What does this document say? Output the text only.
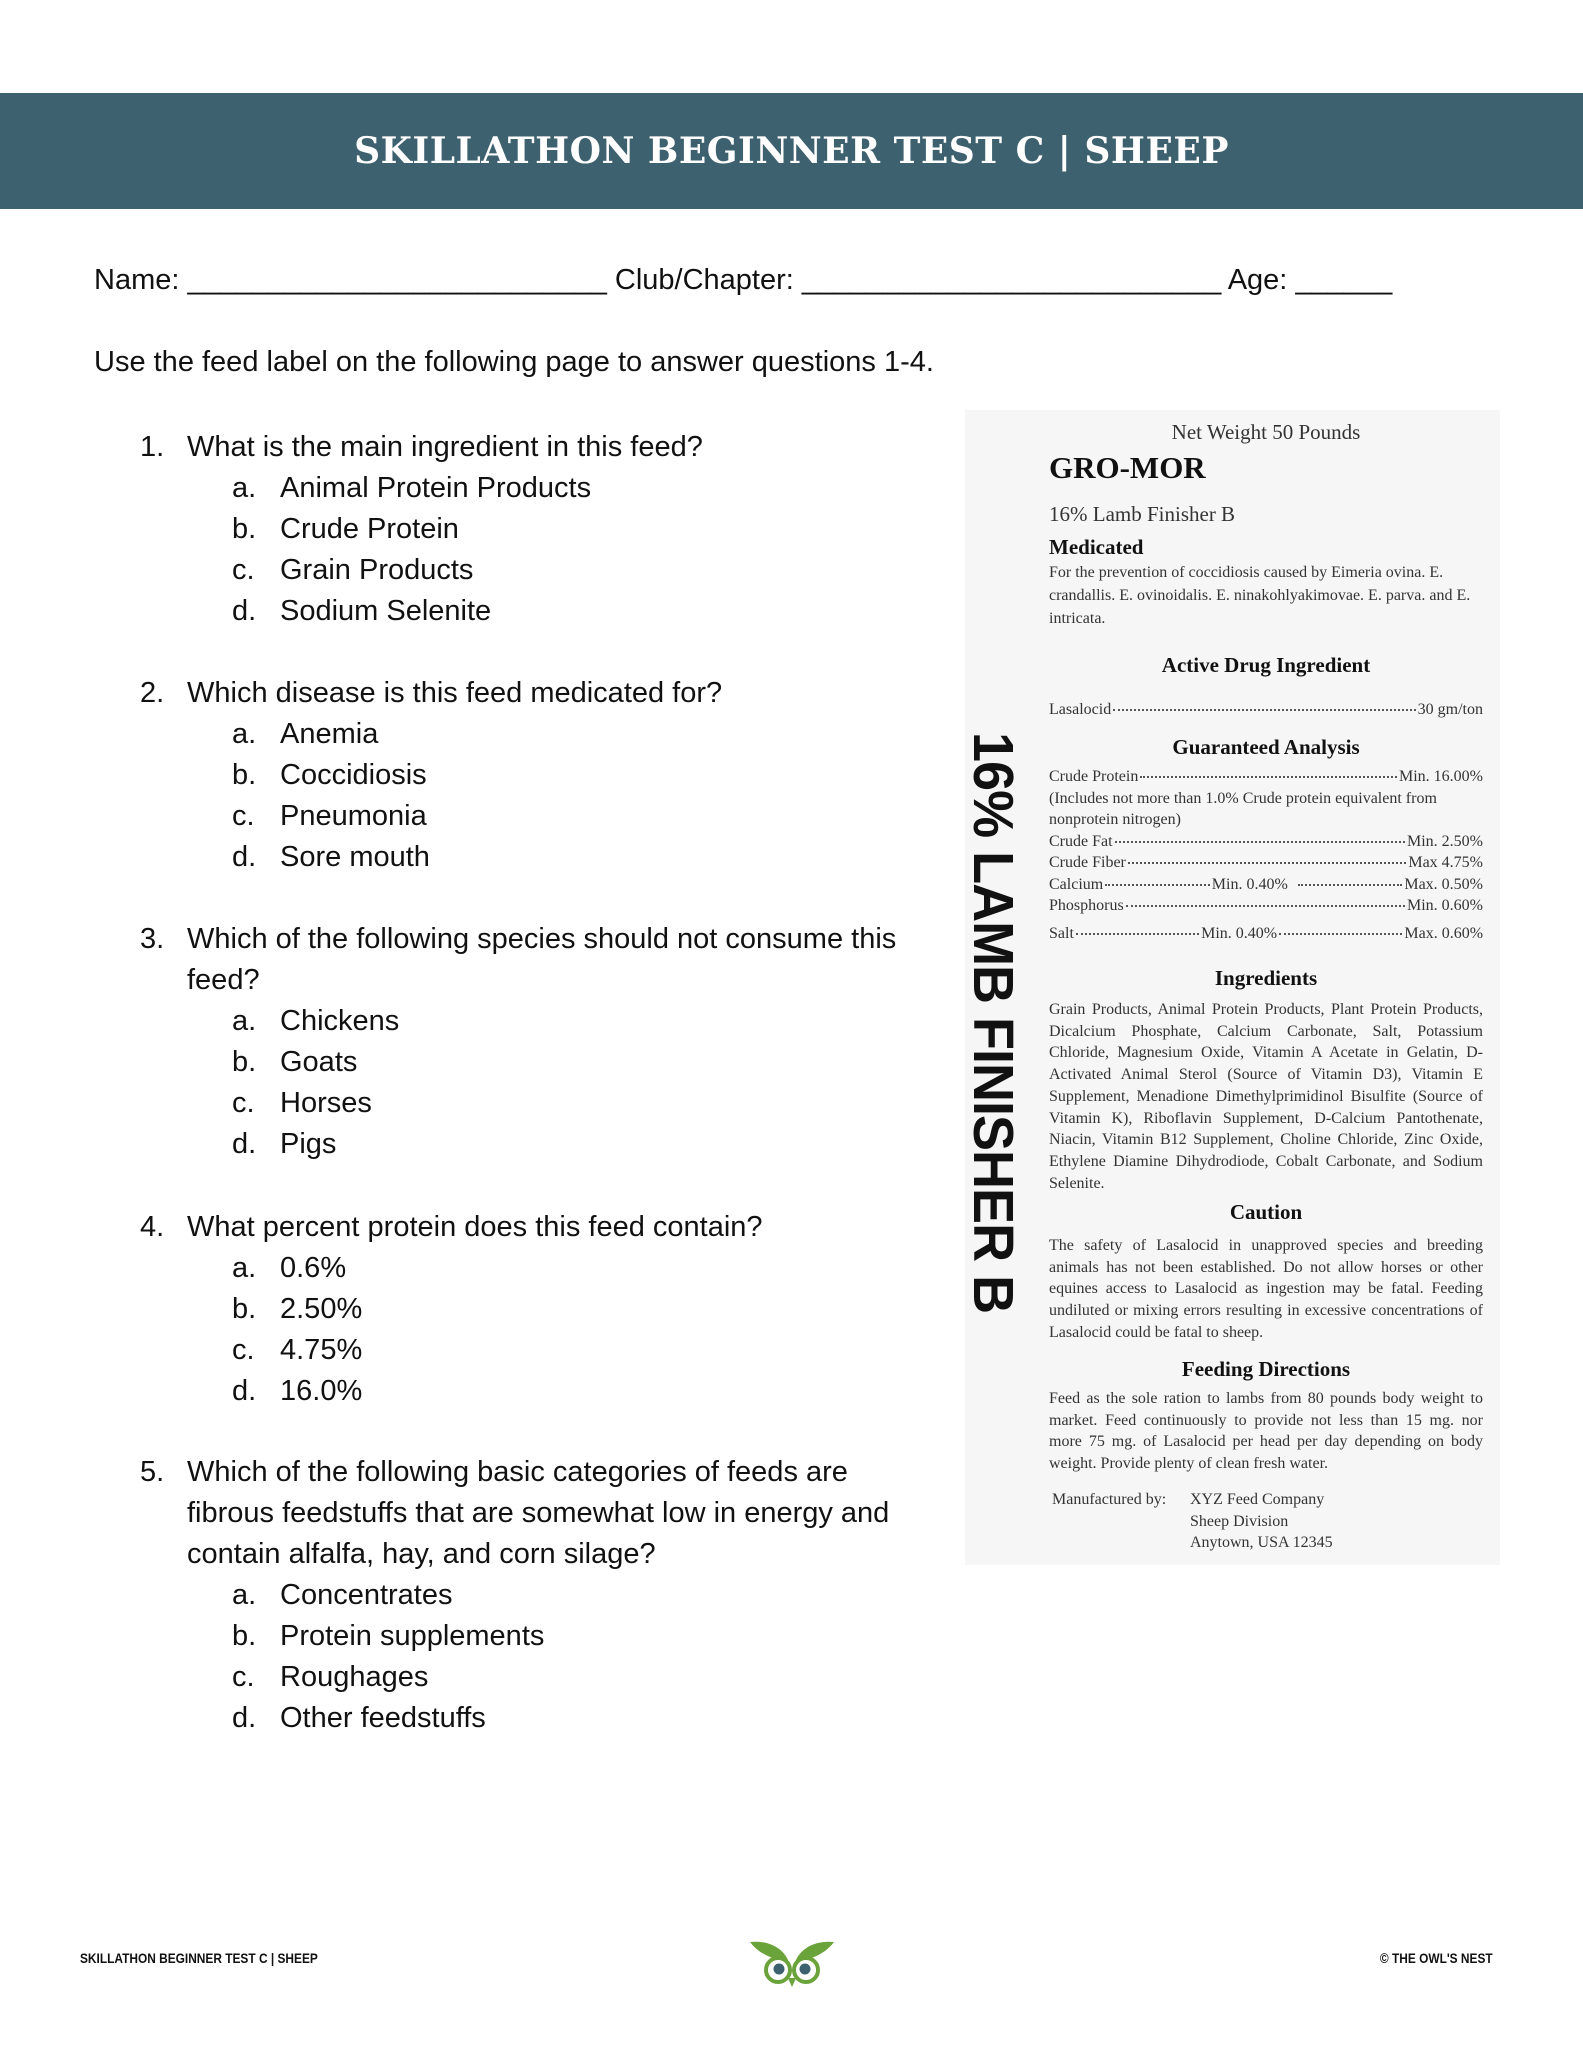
SKILLATHON BEGINNER TEST C | SHEEP
Name: __________________________ Club/Chapter: __________________________ Age: ______
Use the feed label on the following page to answer questions 1-4.
1. What is the main ingredient in this feed?
a. Animal Protein Products
b. Crude Protein
c. Grain Products
d. Sodium Selenite
2. Which disease is this feed medicated for?
a. Anemia
b. Coccidiosis
c. Pneumonia
d. Sore mouth
3. Which of the following species should not consume this feed?
a. Chickens
b. Goats
c. Horses
d. Pigs
4. What percent protein does this feed contain?
a. 0.6%
b. 2.50%
c. 4.75%
d. 16.0%
5. Which of the following basic categories of feeds are fibrous feedstuffs that are somewhat low in energy and contain alfalfa, hay, and corn silage?
a. Concentrates
b. Protein supplements
c. Roughages
d. Other feedstuffs
16% LAMB FINISHER B
Net Weight 50 Pounds
GRO-MOR
16% Lamb Finisher B
Medicated
For the prevention of coccidiosis caused by Eimeria ovina. E. crandallis. E. ovinoidalis. E. ninakohlyakimovae. E. parva. and E. intricata.
Active Drug Ingredient
Lasalocid	30 gm/ton
Guaranteed Analysis
Crude Protein	Min. 16.00%
(Includes not more than 1.0% Crude protein equivalent from nonprotein nitrogen)
Crude Fat	Min. 2.50%
Crude Fiber	Max 4.75%
Calcium	Min. 0.40%	Max. 0.50%
Phosphorus	Min. 0.60%
Salt	Min. 0.40%	Max. 0.60%
Ingredients
Grain Products, Animal Protein Products, Plant Protein Products, Dicalcium Phosphate, Calcium Carbonate, Salt, Potassium Chloride, Magnesium Oxide, Vitamin A Acetate in Gelatin, D-Activated Animal Sterol (Source of Vitamin D3), Vitamin E Supplement, Menadione Dimethylprimidinol Bisulfite (Source of Vitamin K), Riboflavin Supplement, D-Calcium Pantothenate, Niacin, Vitamin B12 Supplement, Choline Chloride, Zinc Oxide, Ethylene Diamine Dihydrodiode, Cobalt Carbonate, and Sodium Selenite.
Caution
The safety of Lasalocid in unapproved species and breeding animals has not been established. Do not allow horses or other equines access to Lasalocid as ingestion may be fatal. Feeding undiluted or mixing errors resulting in excessive concentrations of Lasalocid could be fatal to sheep.
Feeding Directions
Feed as the sole ration to lambs from 80 pounds body weight to market. Feed continuously to provide not less than 15 mg. nor more 75 mg. of Lasalocid per head per day depending on body weight. Provide plenty of clean fresh water.
Manufactured by:	XYZ Feed Company
Sheep Division
Anytown, USA 12345
SKILLATHON BEGINNER TEST C | SHEEP	© THE OWL'S NEST
